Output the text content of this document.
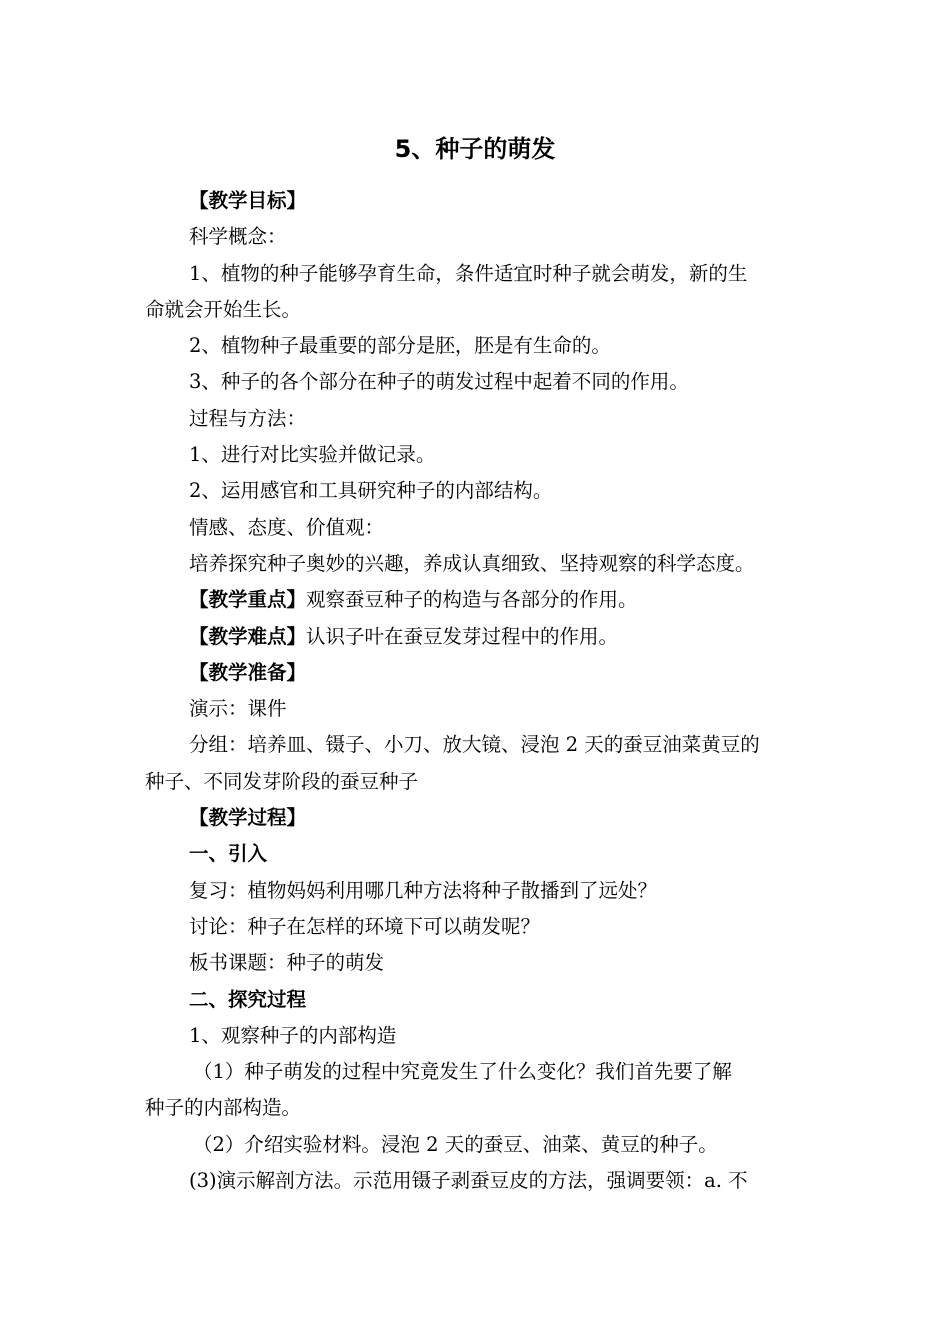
5、种子的萌发

【教学目标】

科学概念：

1、植物的种子能够孕育生命，条件适宜时种子就会萌发，新的生

命就会开始生长。

2、植物种子最重要的部分是胚，胚是有生命的。

3、种子的各个部分在种子的萌发过程中起着不同的作用。

过程与方法：

1、进行对比实验并做记录。

2、运用感官和工具研究种子的内部结构。

情感、态度、价值观：

培养探究种子奥妙的兴趣，养成认真细致、坚持观察的科学态度。

【教学重点】观察蚕豆种子的构造与各部分的作用。

【教学难点】认识子叶在蚕豆发芽过程中的作用。

【教学准备】

演示：课件

分组：培养皿、镊子、小刀、放大镜、浸泡 2 天的蚕豆油菜黄豆的

种子、不同发芽阶段的蚕豆种子

【教学过程】

一、引入

复习：植物妈妈利用哪几种方法将种子散播到了远处？

讨论：种子在怎样的环境下可以萌发呢？

板书课题：种子的萌发

二、探究过程

1、观察种子的内部构造

（1）种子萌发的过程中究竟发生了什么变化？我们首先要了解

种子的内部构造。

（2）介绍实验材料。浸泡 2 天的蚕豆、油菜、黄豆的种子。

(3)演示解剖方法。示范用镊子剥蚕豆皮的方法，强调要领：a. 不
